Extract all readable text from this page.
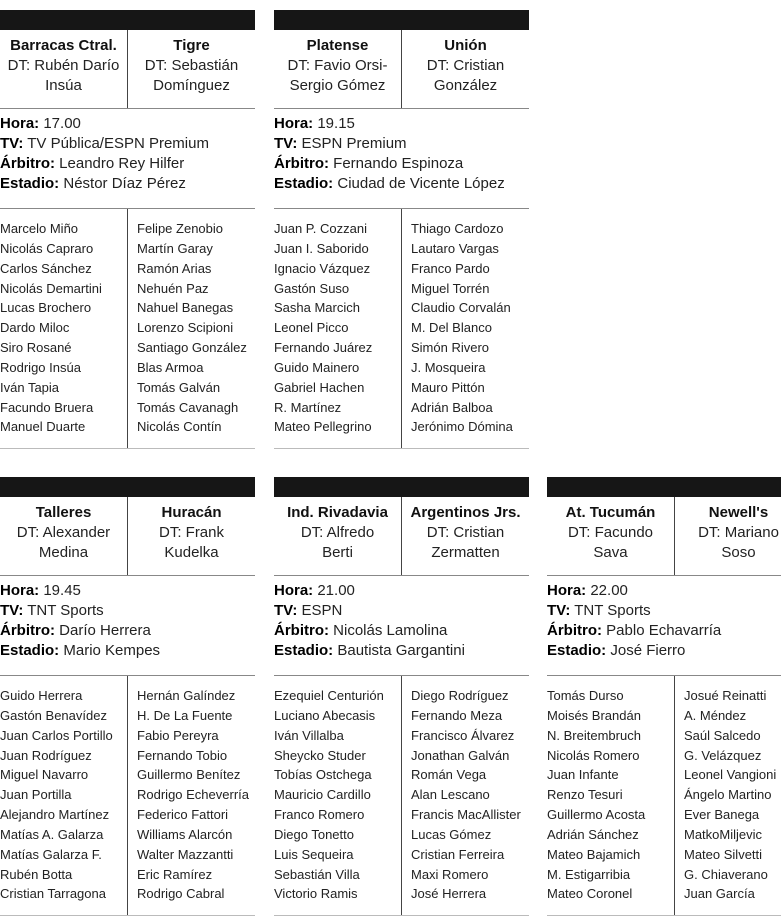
Barracas Ctral.
DT: Rubén Darío
Insúa
Tigre
DT: Sebastián
Domínguez
Hora: 17.00
TV: TV Pública/ESPN Premium
Árbitro: Leandro Rey Hilfer
Estadio: Néstor Díaz Pérez
Marcelo Miño
Nicolás Capraro
Carlos Sánchez
Nicolás Demartini
Lucas Brochero
Dardo Miloc
Siro Rosané
Rodrigo Insúa
Iván Tapia
Facundo Bruera
Manuel Duarte
Felipe Zenobio
Martín Garay
Ramón Arias
Nehuén Paz
Nahuel Banegas
Lorenzo Scipioni
Santiago González
Blas Armoa
Tomás Galván
Tomás Cavanagh
Nicolás Contín
Platense
DT: Favio Orsi-
Sergio Gómez
Unión
DT: Cristian
González
Hora: 19.15
TV: ESPN Premium
Árbitro: Fernando Espinoza
Estadio: Ciudad de Vicente López
Juan P. Cozzani
Juan I. Saborido
Ignacio Vázquez
Gastón Suso
Sasha Marcich
Leonel Picco
Fernando Juárez
Guido Mainero
Gabriel Hachen
R. Martínez
Mateo Pellegrino
Thiago Cardozo
Lautaro Vargas
Franco Pardo
Miguel Torrén
Claudio Corvalán
M. Del Blanco
Simón Rivero
J. Mosqueira
Mauro Pittón
Adrián Balboa
Jerónimo Dómina
Talleres
DT: Alexander
Medina
Huracán
DT: Frank
Kudelka
Hora: 19.45
TV: TNT Sports
Árbitro: Darío Herrera
Estadio: Mario Kempes
Guido Herrera
Gastón Benavídez
Juan Carlos Portillo
Juan Rodríguez
Miguel Navarro
Juan Portilla
Alejandro Martínez
Matías A. Galarza
Matías Galarza F.
Rubén Botta
Cristian Tarragona
Hernán Galíndez
H. De La Fuente
Fabio Pereyra
Fernando Tobio
Guillermo Benítez
Rodrigo Echeverría
Federico Fattori
Williams Alarcón
Walter Mazzantti
Eric Ramírez
Rodrigo Cabral
Ind. Rivadavia
DT: Alfredo
Berti
Argentinos Jrs.
DT: Cristian
Zermatten
Hora: 21.00
TV: ESPN
Árbitro: Nicolás Lamolina
Estadio: Bautista Gargantini
Ezequiel Centurión
Luciano Abecasis
Iván Villalba
Sheycko Studer
Tobías Ostchega
Mauricio Cardillo
Franco Romero
Diego Tonetto
Luis Sequeira
Sebastián Villa
Victorio Ramis
Diego Rodríguez
Fernando Meza
Francisco Álvarez
Jonathan Galván
Román Vega
Alan Lescano
Francis MacAllister
Lucas Gómez
Cristian Ferreira
Maxi Romero
José Herrera
At. Tucumán
DT: Facundo
Sava
Newell's
DT: Mariano
Soso
Hora: 22.00
TV: TNT Sports
Árbitro: Pablo Echavarría
Estadio: José Fierro
Tomás Durso
Moisés Brandán
N. Breitembruch
Nicolás Romero
Juan Infante
Renzo Tesuri
Guillermo Acosta
Adrián Sánchez
Mateo Bajamich
M. Estigarribia
Mateo Coronel
Josué Reinatti
A. Méndez
Saúl Salcedo
G. Velázquez
Leonel Vangioni
Ángelo Martino
Ever Banega
MatkoMiljevic
Mateo Silvetti
G. Chiaverano
Juan García
